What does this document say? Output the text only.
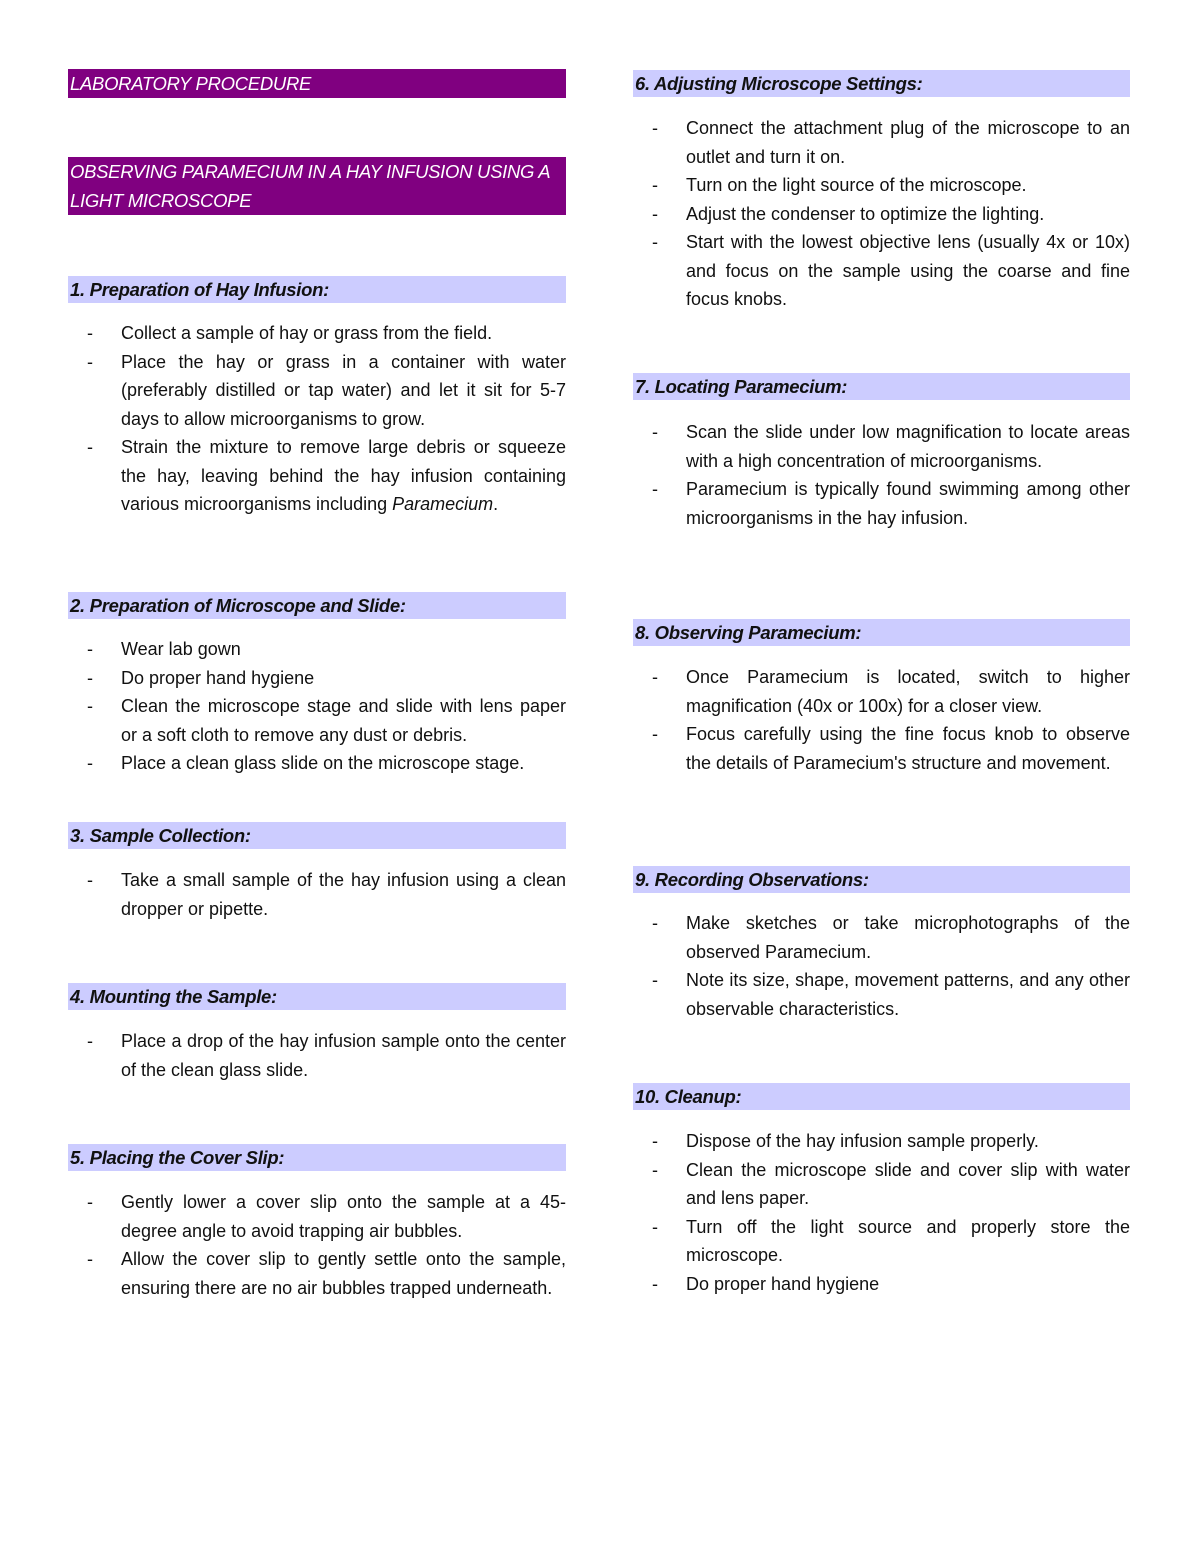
LABORATORY PROCEDURE
OBSERVING PARAMECIUM IN A HAY INFUSION USING A LIGHT MICROSCOPE
1. Preparation of Hay Infusion:
- Collect a sample of hay or grass from the field.
- Place the hay or grass in a container with water (preferably distilled or tap water) and let it sit for 5-7 days to allow microorganisms to grow.
- Strain the mixture to remove large debris or squeeze the hay, leaving behind the hay infusion containing various microorganisms including Paramecium.
2. Preparation of Microscope and Slide:
- Wear lab gown
- Do proper hand hygiene
- Clean the microscope stage and slide with lens paper or a soft cloth to remove any dust or debris.
- Place a clean glass slide on the microscope stage.
3. Sample Collection:
- Take a small sample of the hay infusion using a clean dropper or pipette.
4. Mounting the Sample:
- Place a drop of the hay infusion sample onto the center of the clean glass slide.
5. Placing the Cover Slip:
- Gently lower a cover slip onto the sample at a 45-degree angle to avoid trapping air bubbles.
- Allow the cover slip to gently settle onto the sample, ensuring there are no air bubbles trapped underneath.
6. Adjusting Microscope Settings:
- Connect the attachment plug of the microscope to an outlet and turn it on.
- Turn on the light source of the microscope.
- Adjust the condenser to optimize the lighting.
- Start with the lowest objective lens (usually 4x or 10x) and focus on the sample using the coarse and fine focus knobs.
7. Locating Paramecium:
- Scan the slide under low magnification to locate areas with a high concentration of microorganisms.
- Paramecium is typically found swimming among other microorganisms in the hay infusion.
8. Observing Paramecium:
- Once Paramecium is located, switch to higher magnification (40x or 100x) for a closer view.
- Focus carefully using the fine focus knob to observe the details of Paramecium's structure and movement.
9. Recording Observations:
- Make sketches or take microphotographs of the observed Paramecium.
- Note its size, shape, movement patterns, and any other observable characteristics.
10. Cleanup:
- Dispose of the hay infusion sample properly.
- Clean the microscope slide and cover slip with water and lens paper.
- Turn off the light source and properly store the microscope.
- Do proper hand hygiene
